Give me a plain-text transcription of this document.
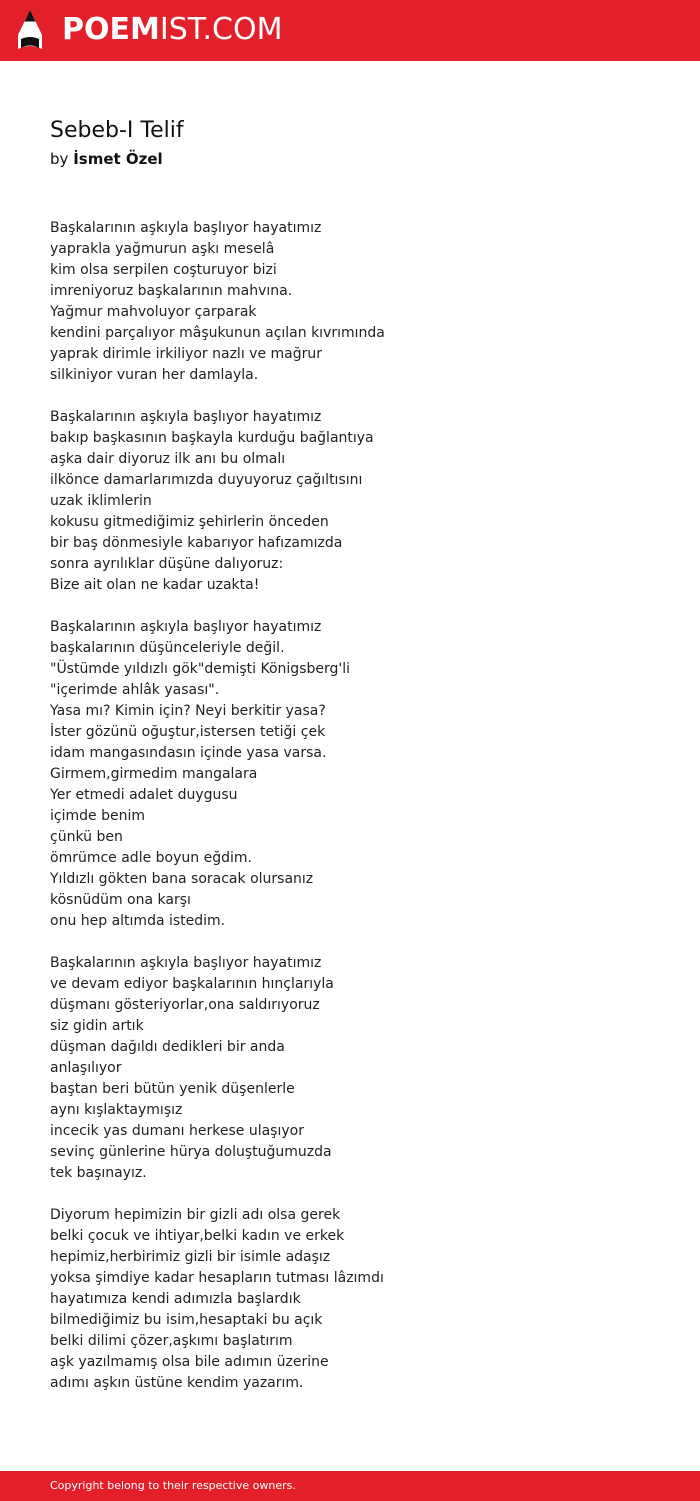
POEMIST.COM
Sebeb-I Telif
by İsmet Özel
Başkalarının aşkıyla başlıyor hayatımız
yaprakla yağmurun aşkı meselâ
kim olsa serpilen coşturuyor bizi
imreniyoruz başkalarının mahvına.
Yağmur mahvoluyor çarparak
kendini parçalıyor mâşukunun açılan kıvrımında
yaprak dirimle irkiliyor nazlı ve mağrur
silkiniyor vuran her damlayla.
Başkalarının aşkıyla başlıyor hayatımız
bakıp başkasının başkayla kurduğu bağlantıya
aşka dair diyoruz ilk anı bu olmalı
ilkönce damarlarımızda duyuyoruz çağıltısını
uzak iklimlerin
kokusu gitmediğimiz şehirlerin önceden
bir baş dönmesiyle kabarıyor hafızamızda
sonra ayrılıklar düşüne dalıyoruz:
Bize ait olan ne kadar uzakta!
Başkalarının aşkıyla başlıyor hayatımız
başkalarının düşünceleriyle değil.
"Üstümde yıldızlı gök"demişti Königsberg'li
"içerimde ahlâk yasası".
Yasa mı? Kimin için? Neyi berkitir yasa?
İster gözünü oğuştur,istersen tetiği çek
idam mangasındasın içinde yasa varsa.
Girmem,girmedim mangalara
Yer etmedi adalet duygusu
içimde benim
çünkü ben
ömrümce adle boyun eğdim.
Yıldızlı gökten bana soracak olursanız
kösnüdüm ona karşı
onu hep altımda istedim.
Başkalarının aşkıyla başlıyor hayatımız
ve devam ediyor başkalarının hınçlarıyla
düşmanı gösteriyorlar,ona saldırıyoruz
siz gidin artık
düşman dağıldı dedikleri bir anda
anlaşılıyor
baştan beri bütün yenik düşenlerle
aynı kışlaktaymışız
incecik yas dumanı herkese ulaşıyor
sevinç günlerine hürya doluştuğumuzda
tek başınayız.
Diyorum hepimizin bir gizli adı olsa gerek
belki çocuk ve ihtiyar,belki kadın ve erkek
hepimiz,herbirimiz gizli bir isimle adaşız
yoksa şimdiye kadar hesapların tutması lâzımdı
hayatımıza kendi adımızla başlardık
bilmediğimiz bu isim,hesaptaki bu açık
belki dilimi çözer,aşkımı başlatırım
aşk yazılmamış olsa bile adımın üzerine
adımı aşkın üstüne kendim yazarım.
Copyright belong to their respective owners.
